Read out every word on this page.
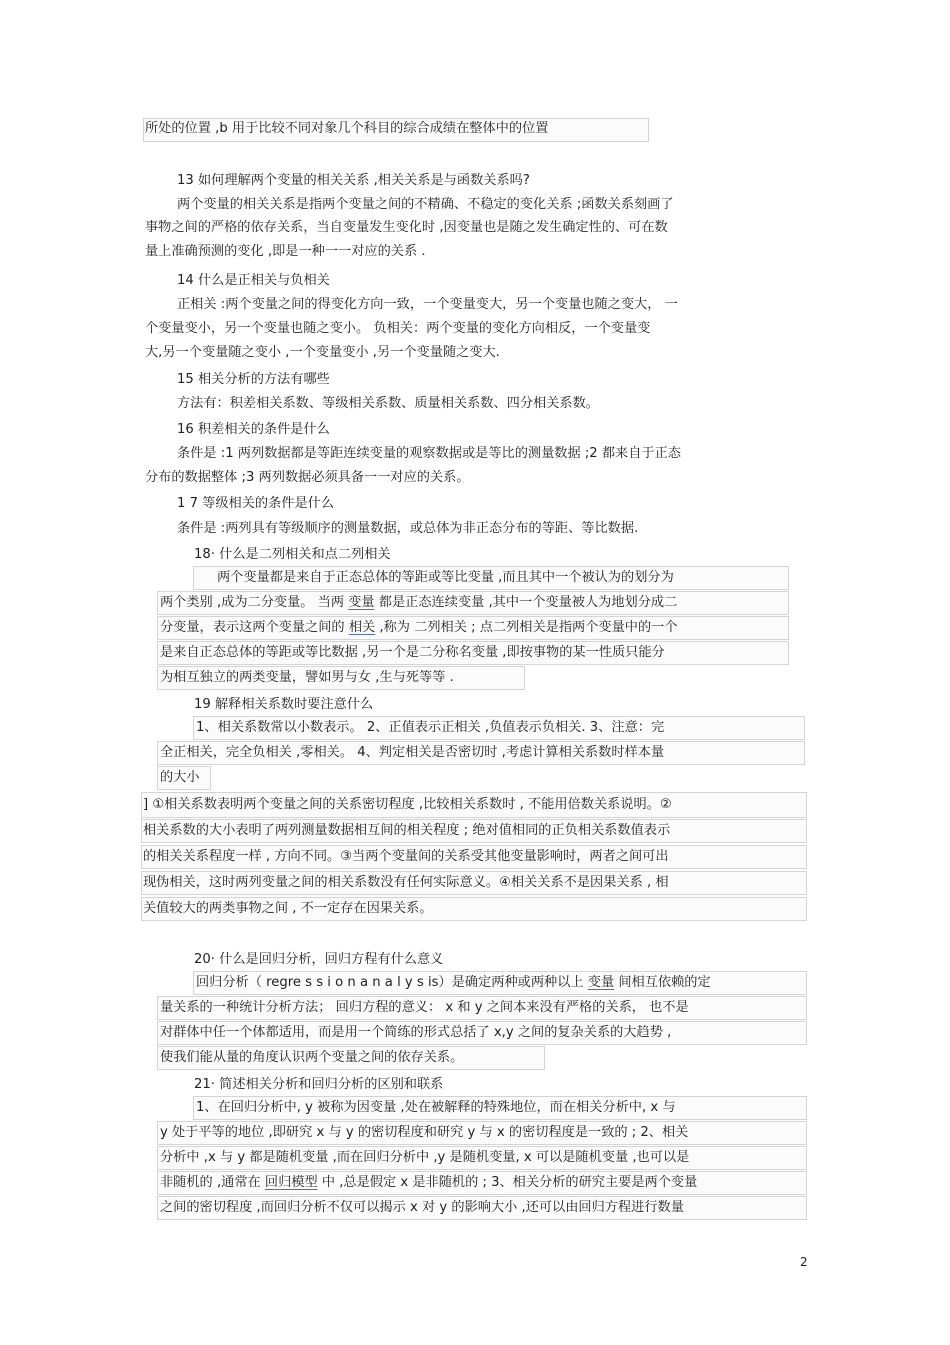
所处的位置 ,b 用于比较不同对象几个科目的综合成绩在整体中的位置
13 如何理解两个变量的相关关系 ,相关关系是与函数关系吗?
两个变量的相关关系是指两个变量之间的不精确、不稳定的变化关系 ;函数关系刻画了
事物之间的严格的依存关系，当自变量发生变化时 ,因变量也是随之发生确定性的、可在数
量上准确预测的变化 ,即是一种一一对应的关系 .
14 什么是正相关与负相关
正相关 :两个变量之间的得变化方向一致，一个变量变大，另一个变量也随之变大， 一
个变量变小，另一个变量也随之变小。 负相关：两个变量的变化方向相反，一个变量变
大,另一个变量随之变小 ,一个变量变小 ,另一个变量随之变大.
15 相关分析的方法有哪些
方法有：积差相关系数、等级相关系数、质量相关系数、四分相关系数。
16 积差相关的条件是什么
条件是 :1 两列数据都是等距连续变量的观察数据或是等比的测量数据 ;2 都来自于正态
分布的数据整体 ;3 两列数据必须具备一一对应的关系。
1 7 等级相关的条件是什么
条件是 :两列具有等级顺序的测量数据，或总体为非正态分布的等距、等比数据.
18· 什么是二列相关和点二列相关
两个变量都是来自于正态总体的等距或等比变量 ,而且其中一个被认为的划分为
两个类别 ,成为二分变量。 当两 变量 都是正态连续变量 ,其中一个变量被人为地划分成二
分变量，表示这两个变量之间的 相关 ,称为 二列相关 ; 点二列相关是指两个变量中的一个
是来自正态总体的等距或等比数据 ,另一个是二分称名变量 ,即按事物的某一性质只能分
为相互独立的两类变量，譬如男与女 ,生与死等等 .
19 解释相关系数时要注意什么
1、相关系数常以小数表示。 2、正值表示正相关 ,负值表示负相关. 3、注意：完
全正相关，完全负相关 ,零相关。 4、判定相关是否密切时 ,考虑计算相关系数时样本量
的大小
] ①相关系数表明两个变量之间的关系密切程度 ,比较相关系数时 , 不能用倍数关系说明。②
相关系数的大小表明了两列测量数据相互间的相关程度 ; 绝对值相同的正负相关系数值表示
的相关关系程度一样 , 方向不同。③当两个变量间的关系受其他变量影响时，两者之间可出
现伪相关，这时两列变量之间的相关系数没有任何实际意义。④相关关系不是因果关系 , 相
关值较大的两类事物之间 , 不一定存在因果关系。
20· 什么是回归分析，回归方程有什么意义
回归分析（ regre s s i o n a n a l y s is）是确定两种或两种以上 变量 间相互依赖的定
量关系的一种统计分析方法； 回归方程的意义： x 和 y 之间本来没有严格的关系， 也不是
对群体中任一个体都适用，而是用一个简练的形式总括了 x,y 之间的复杂关系的大趋势 ,
使我们能从量的角度认识两个变量之间的依存关系。
21· 简述相关分析和回归分析的区别和联系
1、在回归分析中, y 被称为因变量 ,处在被解释的特殊地位，而在相关分析中, x 与
y 处于平等的地位 ,即研究 x 与 y 的密切程度和研究 y 与 x 的密切程度是一致的 ; 2、相关
分析中 ,x 与 y 都是随机变量 ,而在回归分析中 ,y 是随机变量, x 可以是随机变量 ,也可以是
非随机的 ,通常在 回归模型 中 ,总是假定 x 是非随机的 ; 3、相关分析的研究主要是两个变量
之间的密切程度 ,而回归分析不仅可以揭示 x 对 y 的影响大小 ,还可以由回归方程进行数量
2
